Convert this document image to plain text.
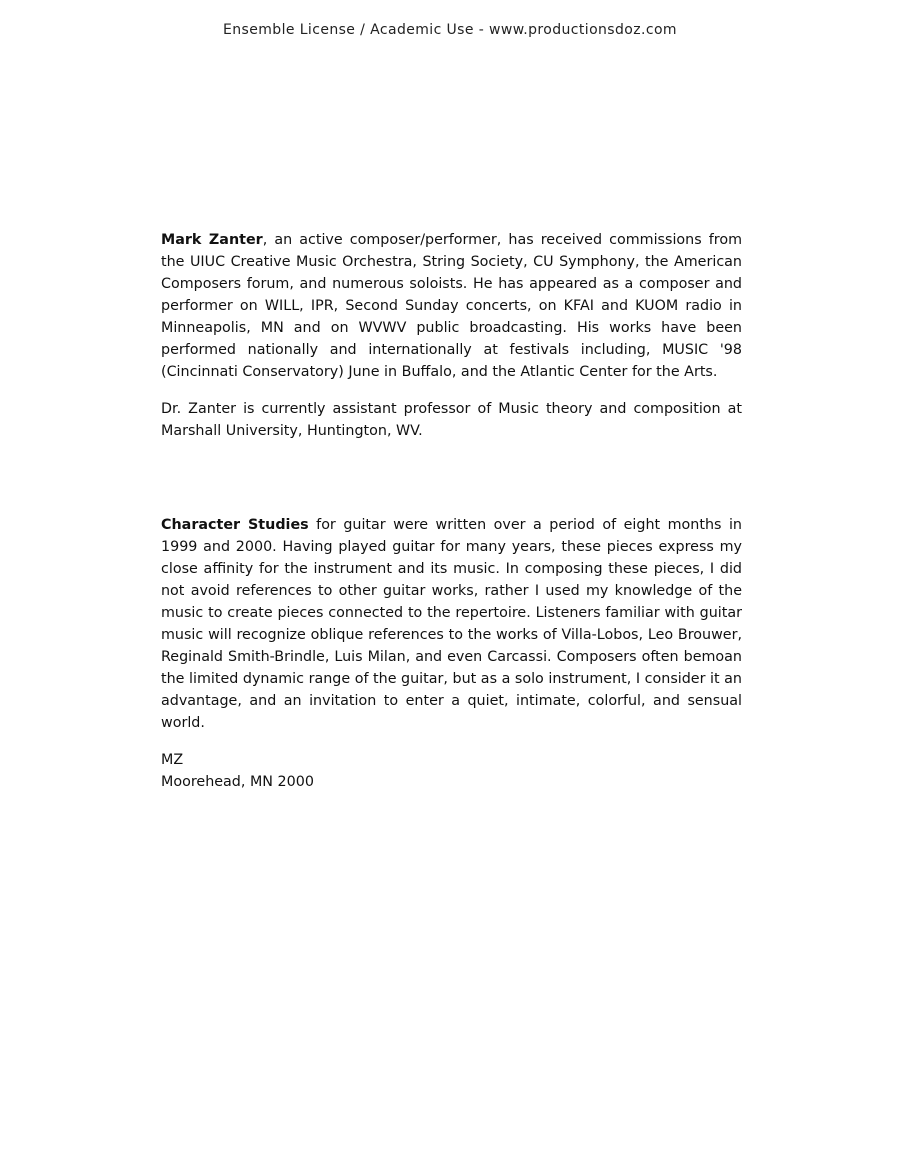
Ensemble License / Academic Use - www.productionsdoz.com

Mark Zanter, an active composer/performer, has received commissions from the UIUC Creative Music Orchestra, String Society, CU Symphony, the American Composers forum, and numerous soloists. He has appeared as a composer and performer on WILL, IPR, Second Sunday concerts, on KFAI and KUOM radio in Minneapolis, MN and on WVWV public broadcasting. His works have been performed nationally and internationally at festivals including, MUSIC '98 (Cincinnati Conservatory) June in Buffalo, and the Atlantic Center for the Arts.

Dr. Zanter is currently assistant professor of Music theory and composition at Marshall University, Huntington, WV.

Character Studies for guitar were written over a period of eight months in 1999 and 2000. Having played guitar for many years, these pieces express my close affinity for the instrument and its music. In composing these pieces, I did not avoid references to other guitar works, rather I used my knowledge of the music to create pieces connected to the repertoire. Listeners familiar with guitar music will recognize oblique references to the works of Villa-Lobos, Leo Brouwer, Reginald Smith-Brindle, Luis Milan, and even Carcassi. Composers often bemoan the limited dynamic range of the guitar, but as a solo instrument, I consider it an advantage, and an invitation to enter a quiet, intimate, colorful, and sensual world.

MZ

Moorehead, MN 2000
